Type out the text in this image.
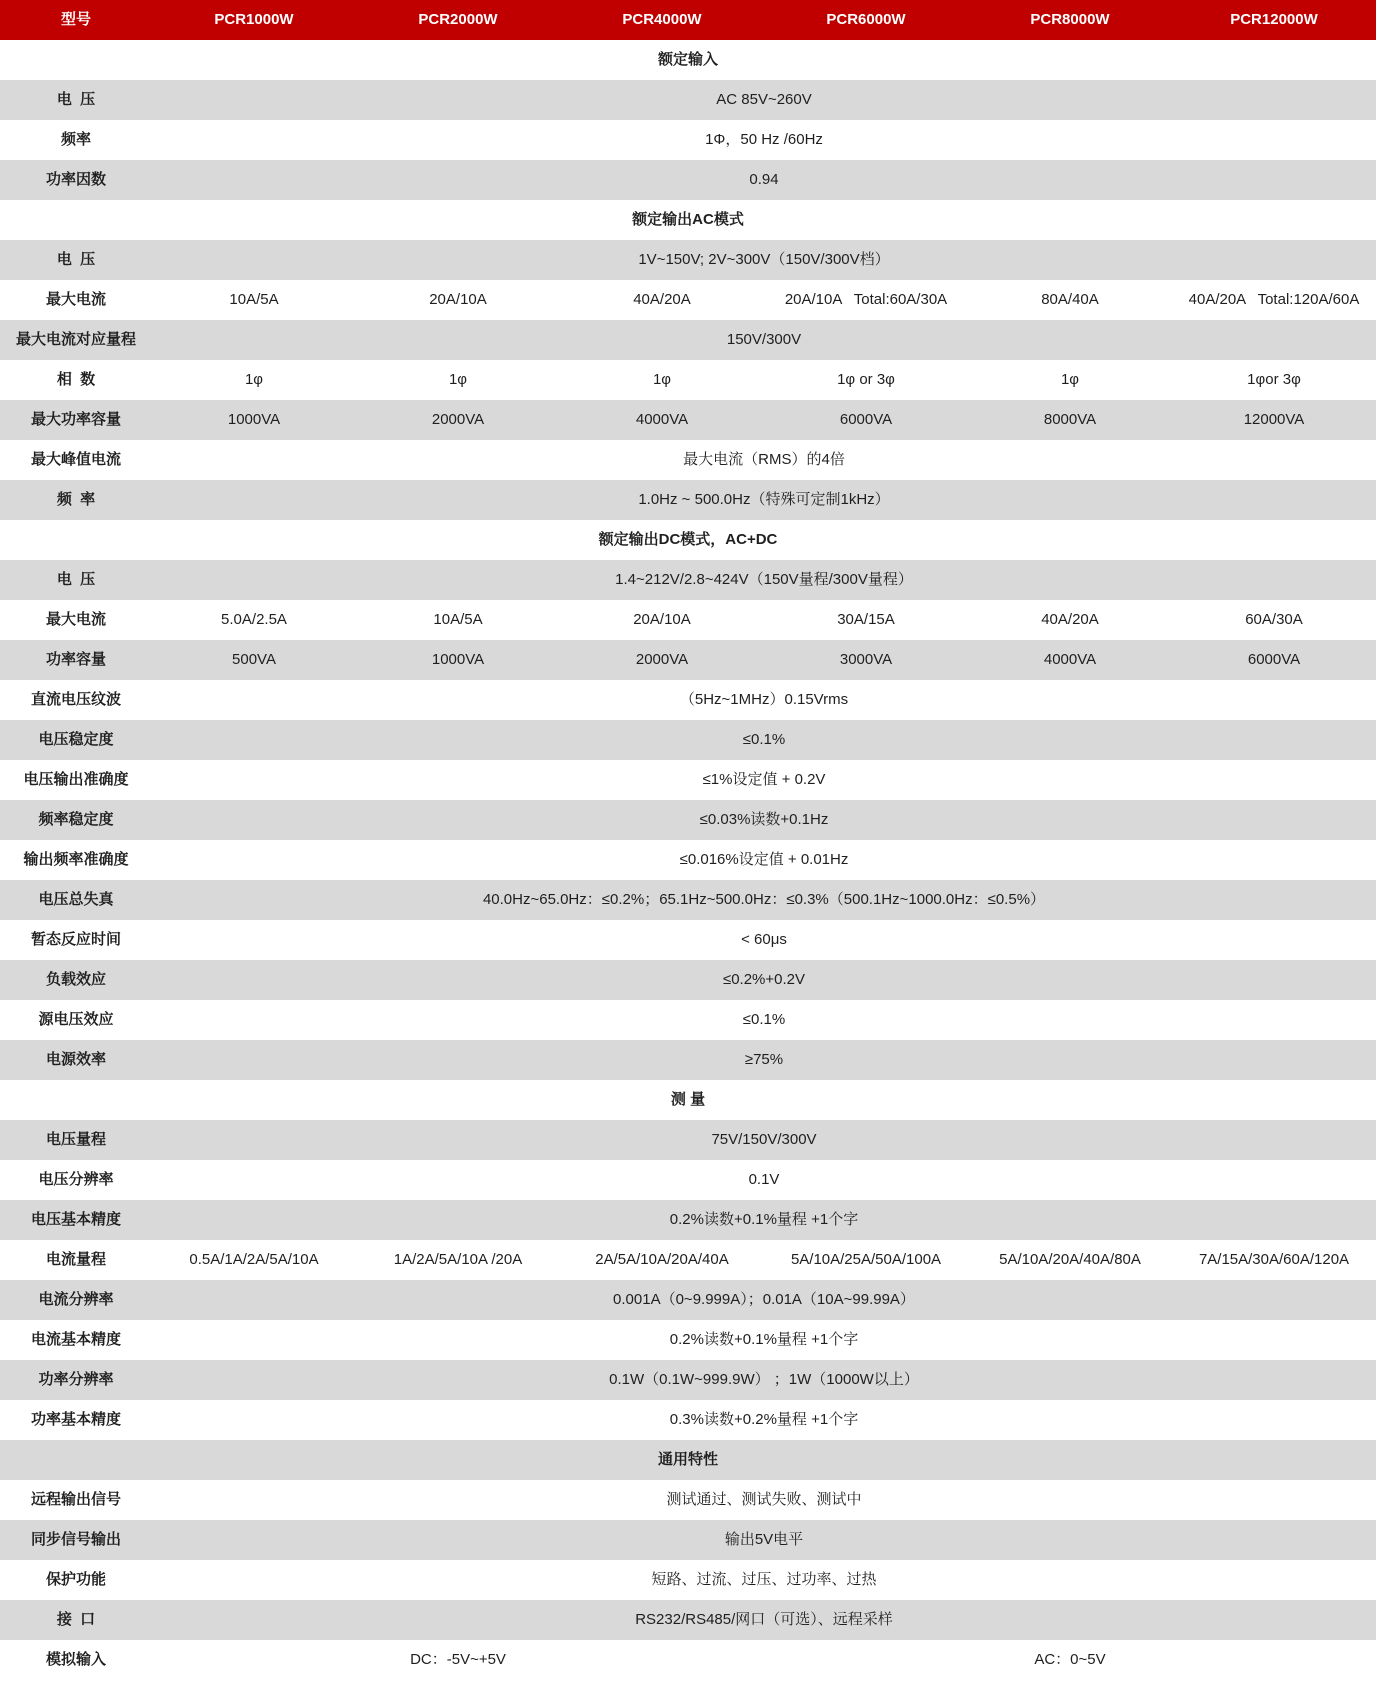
型号	PCR1000W	PCR2000W	PCR4000W	PCR6000W	PCR8000W	PCR12000W
额定输入
电  压	AC 85V~260V
频率	1Φ，50 Hz /60Hz
功率因数	0.94
额定输出AC模式
电  压	1V~150V; 2V~300V（150V/300V档）
最大电流	10A/5A	20A/10A	40A/20A	20A/10A   Total:60A/30A	80A/40A	40A/20A   Total:120A/60A
最大电流对应量程	150V/300V
相  数	1φ	1φ	1φ	1φ or 3φ	1φ	1φor 3φ
最大功率容量	1000VA	2000VA	4000VA	6000VA	8000VA	12000VA
最大峰值电流	最大电流（RMS）的4倍
频  率	1.0Hz ~ 500.0Hz（特殊可定制1kHz）
额定输出DC模式，AC+DC
电  压	1.4~212V/2.8~424V（150V量程/300V量程）
最大电流	5.0A/2.5A	10A/5A	20A/10A	30A/15A	40A/20A	60A/30A
功率容量	500VA	1000VA	2000VA	3000VA	4000VA	6000VA
直流电压纹波	（5Hz~1MHz）0.15Vrms
电压稳定度	≤0.1%
电压输出准确度	≤1%设定值 + 0.2V
频率稳定度	≤0.03%读数+0.1Hz
输出频率准确度	≤0.016%设定值 + 0.01Hz
电压总失真	40.0Hz~65.0Hz：≤0.2%；65.1Hz~500.0Hz：≤0.3%（500.1Hz~1000.0Hz：≤0.5%）
暂态反应时间	< 60μs
负载效应	≤0.2%+0.2V
源电压效应	≤0.1%
电源效率	≥75%
测 量
电压量程	75V/150V/300V
电压分辨率	0.1V
电压基本精度	0.2%读数+0.1%量程 +1个字
电流量程	0.5A/1A/2A/5A/10A	1A/2A/5A/10A /20A	2A/5A/10A/20A/40A	5A/10A/25A/50A/100A	5A/10A/20A/40A/80A	7A/15A/30A/60A/120A
电流分辨率	0.001A（0~9.999A）；0.01A（10A~99.99A）
电流基本精度	0.2%读数+0.1%量程 +1个字
功率分辨率	0.1W（0.1W~999.9W） ；1W（1000W以上）
功率基本精度	0.3%读数+0.2%量程 +1个字
通用特性
远程输出信号	测试通过、测试失败、测试中
同步信号输出	输出5V电平
保护功能	短路、过流、过压、过功率、过热
接  口	RS232/RS485/网口（可选）、远程采样
模拟输入	DC：-5V~+5V	AC：0~5V
